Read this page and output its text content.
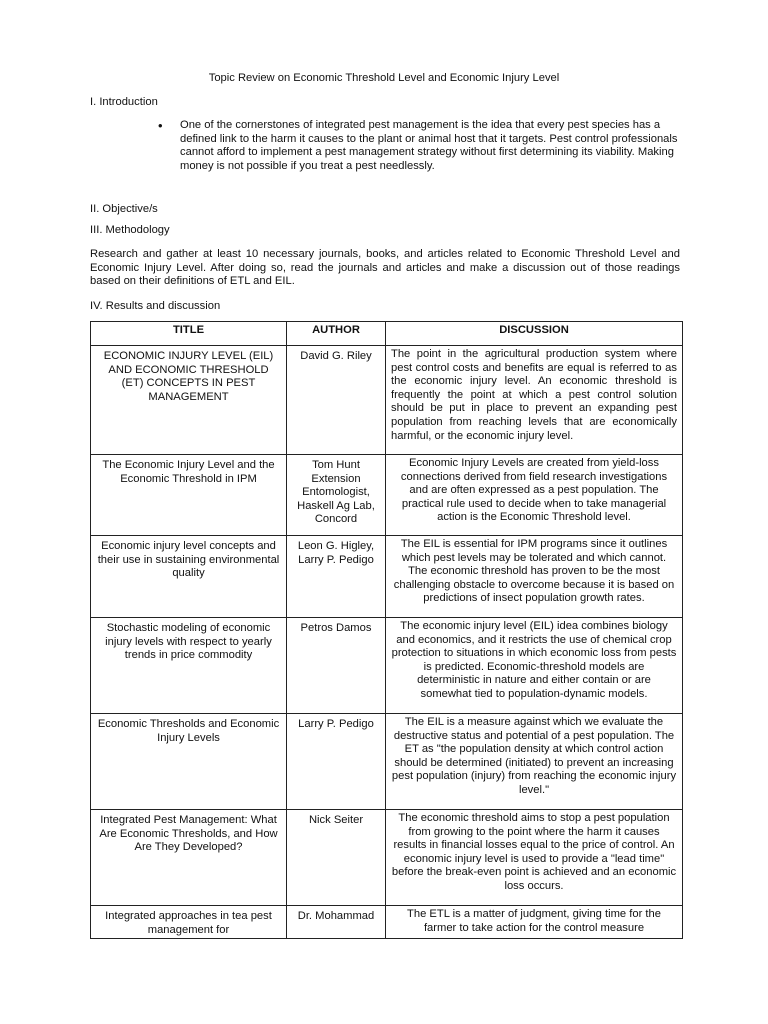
Topic Review on Economic Threshold Level and Economic Injury Level
I. Introduction
•	One of the cornerstones of integrated pest management is the idea that every pest species has a defined link to the harm it causes to the plant or animal host that it targets. Pest control professionals cannot afford to implement a pest management strategy without first determining its viability. Making money is not possible if you treat a pest needlessly.
II. Objective/s
III. Methodology
Research and gather at least 10 necessary journals, books, and articles related to Economic Threshold Level and Economic Injury Level. After doing so, read the journals and articles and make a discussion out of those readings based on their definitions of ETL and EIL.
IV. Results and discussion
TITLE	AUTHOR	DISCUSSION
ECONOMIC INJURY LEVEL (EIL) AND ECONOMIC THRESHOLD (ET) CONCEPTS IN PEST MANAGEMENT	David G. Riley	The point in the agricultural production system where pest control costs and benefits are equal is referred to as the economic injury level. An economic threshold is frequently the point at which a pest control solution should be put in place to prevent an expanding pest population from reaching levels that are economically harmful, or the economic injury level.
The Economic Injury Level and the Economic Threshold in IPM	Tom Hunt Extension Entomologist, Haskell Ag Lab, Concord	Economic Injury Levels are created from yield-loss connections derived from field research investigations and are often expressed as a pest population. The practical rule used to decide when to take managerial action is the Economic Threshold level.
Economic injury level concepts and their use in sustaining environmental quality	Leon G. Higley, Larry P. Pedigo	The EIL is essential for IPM programs since it outlines which pest levels may be tolerated and which cannot. The economic threshold has proven to be the most challenging obstacle to overcome because it is based on predictions of insect population growth rates.
Stochastic modeling of economic injury levels with respect to yearly trends in price commodity	Petros Damos	The economic injury level (EIL) idea combines biology and economics, and it restricts the use of chemical crop protection to situations in which economic loss from pests is predicted. Economic-threshold models are deterministic in nature and either contain or are somewhat tied to population-dynamic models.
Economic Thresholds and Economic Injury Levels	Larry P. Pedigo	The EIL is a measure against which we evaluate the destructive status and potential of a pest population. The ET as "the population density at which control action should be determined (initiated) to prevent an increasing pest population (injury) from reaching the economic injury level."
Integrated Pest Management: What Are Economic Thresholds, and How Are They Developed?	Nick Seiter	The economic threshold aims to stop a pest population from growing to the point where the harm it causes results in financial losses equal to the price of control. An economic injury level is used to provide a "lead time" before the break-even point is achieved and an economic loss occurs.
Integrated approaches in tea pest management for	Dr. Mohammad	The ETL is a matter of judgment, giving time for the farmer to take action for the control measure
